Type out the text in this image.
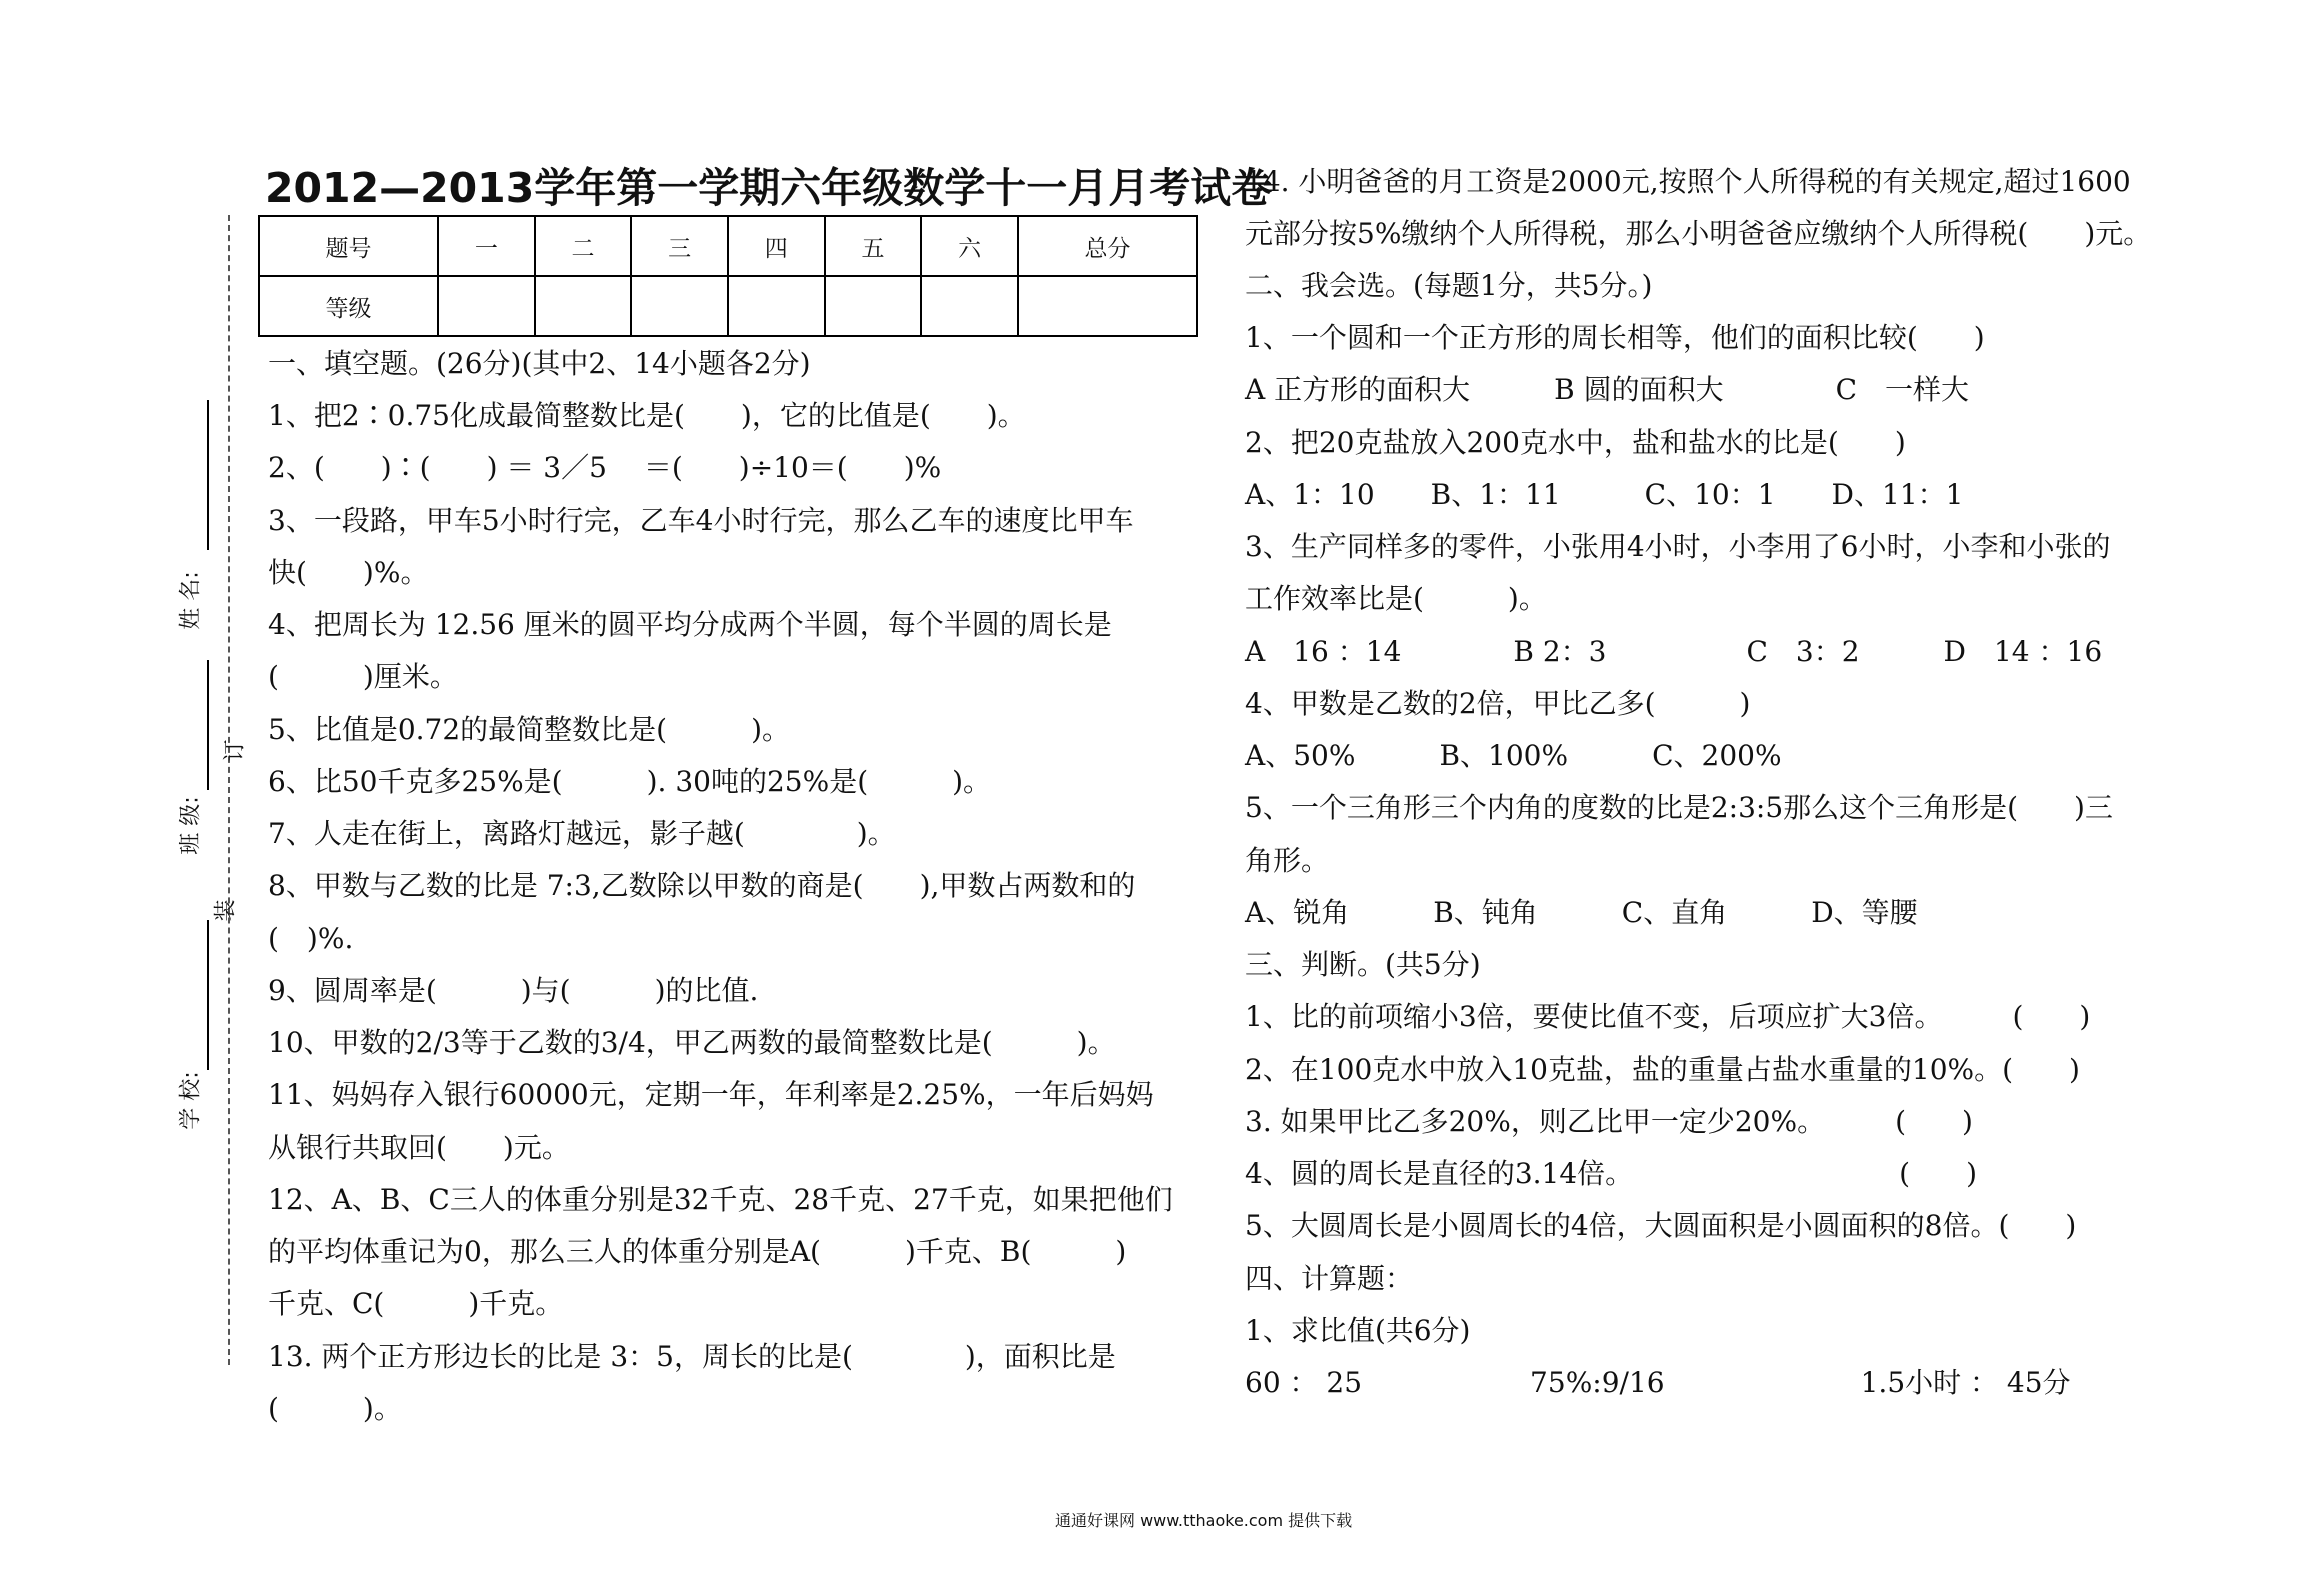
2012—2013学年第一学期六年级数学十一月月考试卷
题号	一	二	三	四	五	六	总分
等级							
姓 名:
订
班 级:
装
学 校:
一、填空题。(26分)(其中2、14小题各2分)
1、把2∶0.75化成最简整数比是(　　)，它的比值是(　　)。
2、(　　)∶(　　) ＝ 3／5　 ＝(　　)÷10＝(　　)%
3、一段路，甲车5小时行完，乙车4小时行完，那么乙车的速度比甲车
快(　　)%。
4、把周长为 12.56 厘米的圆平均分成两个半圆，每个半圆的周长是
(　　　)厘米。
5、比值是0.72的最简整数比是(　　　)。
6、比50千克多25%是(　　　). 30吨的25%是(　　　)。
7、人走在街上，离路灯越远，影子越(　　　　)。
8、甲数与乙数的比是 7:3,乙数除以甲数的商是(　　),甲数占两数和的
(　)%.
9、圆周率是(　　　)与(　　　)的比值.
10、甲数的2/3等于乙数的3/4，甲乙两数的最简整数比是(　　　)。
11、妈妈存入银行60000元，定期一年，年利率是2.25%，一年后妈妈
从银行共取回(　　)元。
12、A、B、C三人的体重分别是32千克、28千克、27千克，如果把他们
的平均体重记为0，那么三人的体重分别是A(　　　)千克、B(　　　)
千克、C(　　　)千克。
13. 两个正方形边长的比是 3：5，周长的比是(　　　　)，面积比是
(　　　)。
14. 小明爸爸的月工资是2000元,按照个人所得税的有关规定,超过1600
元部分按5%缴纳个人所得税，那么小明爸爸应缴纳个人所得税(　　)元。
二、我会选。(每题1分，共5分。)
1、一个圆和一个正方形的周长相等，他们的面积比较(　　)
A 正方形的面积大　　　B 圆的面积大　　　　C　一样大
2、把20克盐放入200克水中，盐和盐水的比是(　　)
A、1：10　　B、1：11　　　C、10：1　　D、11：1
3、生产同样多的零件，小张用4小时，小李用了6小时，小李和小张的
工作效率比是(　　　)。
A　16 ：14　　　　B 2：3　　　　　C　3：2　　　D　14 ：16
4、甲数是乙数的2倍，甲比乙多(　　　)
A、50%　　　B、100%　　　C、200%
5、一个三角形三个内角的度数的比是2:3:5那么这个三角形是(　　)三
角形。
A、锐角　　　B、钝角　　　C、直角　　　D、等腰
三、判断。(共5分)
1、比的前项缩小3倍，要使比值不变，后项应扩大3倍。　　　(　　)
2、在100克水中放入10克盐，盐的重量占盐水重量的10%。(　　)
3. 如果甲比乙多20%，则乙比甲一定少20%。　　　(　　)
4、圆的周长是直径的3.14倍。　　　　　　　　　　(　　)
5、大圆周长是小圆周长的4倍，大圆面积是小圆面积的8倍。(　　)
四、计算题：
1、求比值(共6分)
60 ： 25　　　　　　75%:9/16　　　　　　　1.5小时 ： 45分
通通好课网 www.tthaoke.com 提供下载
